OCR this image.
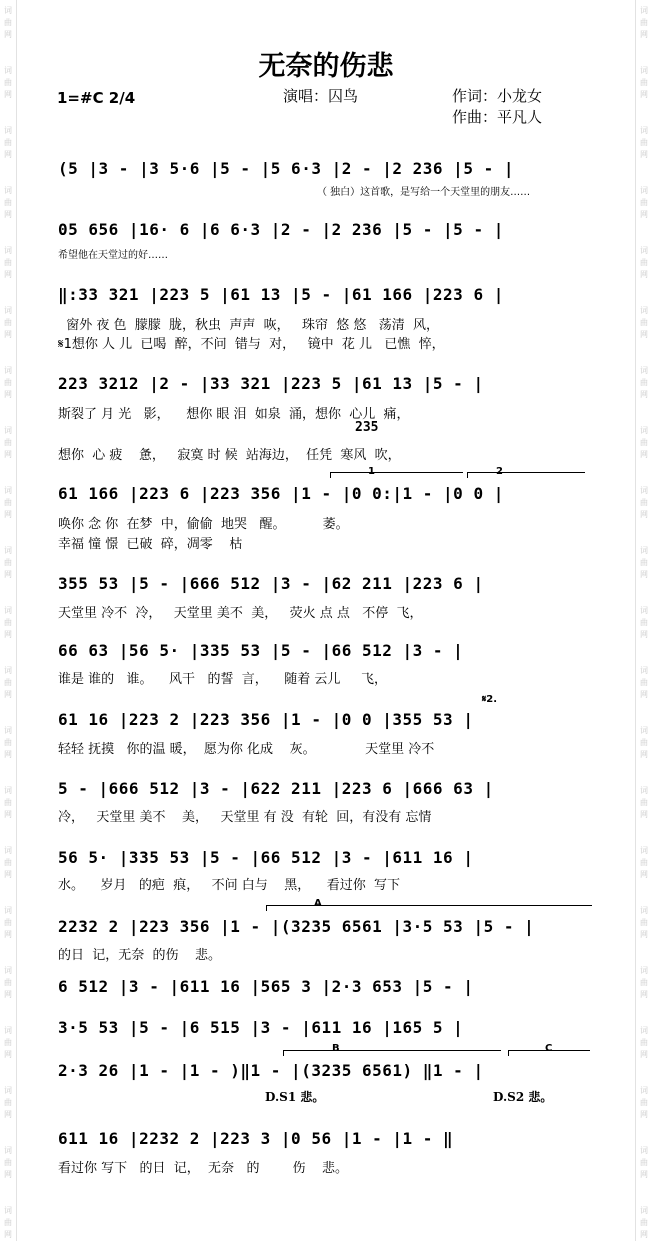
词
曲
网
词
曲
网
词
曲
网
词
曲
网
词
曲
网
词
曲
网
词
曲
网
词
曲
网
词
曲
网
词
曲
网
词
曲
网
词
曲
网
词
曲
网
词
曲
网
词
曲
网
词
曲
网
词
曲
网
词
曲
网
词
曲
网
词
曲
网
词
曲
网
词
曲
网
词
曲
网
词
曲
网
词
曲
网
词
曲
网
词
曲
网
词
曲
网
词
曲
网
词
曲
网
词
曲
网
词
曲
网
词
曲
网
词
曲
网
词
曲
网
词
曲
网
词
曲
网
词
曲
网
词
曲
网
词
曲
网
词
曲
网
词
曲
网
无奈的伤悲
1=#C 2/4	演唱：囚鸟	作词：小龙女
作曲：平凡人
(5 |3 - |3 5·6 |5 - |5 6·3 |2 - |2 236 |5 - |
（ 独白）这首歌，是写给一个天堂里的朋友……
05 656 |16· 6 |6 6·3 |2 - |2 236 |5 - |5 - |
希望他在天堂过的好……
‖:33 321 |223 5 |61 13 |5 - |61 166 |223 6 |
窗外 夜 色  朦朦  胧，秋虫  声声  咴，   珠帘  悠 悠   荡清  风，
𝄋1想你 人 儿  已喝  醉，不问  错与  对，   镜中  花 儿   已憔  悴，
223 3212 |2 - |33 321 |223 5 |61 13 |5 - |
斯裂了 月 光   影，    想你 眼 泪  如泉  涌，想你  心儿  痛，
235
想你  心 疲    惫，   寂寞 时 候  站海边，  任凭  寒风  吹，
1	2
61 166 |223 6 |223 356 |1 - |0 0:|1 - |0 0 |
唤你 念 你  在梦  中，偷偷  地哭   醒。         萎。
幸福 憧 憬  已破  碎，凋零    枯
355 53 |5 - |666 512 |3 - |62 211 |223 6 |
天堂里 冷不  冷，   天堂里 美不  美，   荧火 点 点   不停  飞，
66 63 |56 5· |335 53 |5 - |66 512 |3 - |
谁是 谁的   谁。    风干   的誓  言，    随着 云儿     飞，
𝄋2.
61 16 |223 2 |223 356 |1 - |0 0 |355 53 |
轻轻 抚摸   你的温 暖，  愿为你 化成    灰。            天堂里 冷不
5 - |666 512 |3 - |622 211 |223 6 |666 63 |
冷，   天堂里 美不    美，   天堂里 有 没  有轮  回，有没有 忘情
56 5· |335 53 |5 - |66 512 |3 - |611 16 |
水。    岁月   的疤  痕，   不问 白与    黑，    看过你  写下
A
2232 2 |223 356 |1 - |(3235 6561 |3·5 53 |5 - |
的日  记，无奈  的伤    悲。
6 512 |3 - |611 16 |565 3 |2·3 653 |5 - |
3·5 53 |5 - |6 515 |3 - |611 16 |165 5 |
B	C
2·3 26 |1 - |1 - )‖1 - |(3235 6561) ‖1 - |
D.S1 悲。	D.S2 悲。
611 16 |2232 2 |223 3 |0 56 |1 - |1 - ‖
看过你 写下   的日  记，  无奈   的        伤    悲。
